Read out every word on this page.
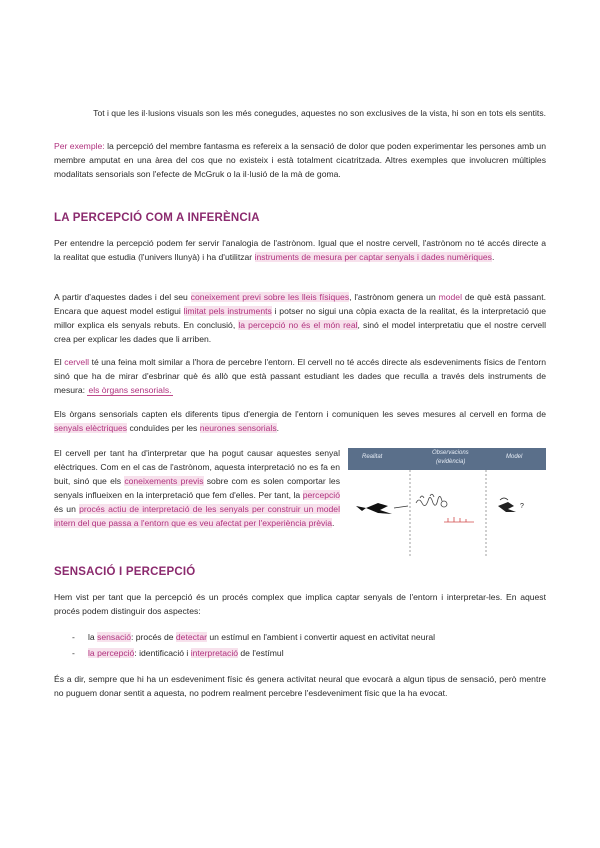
Tot i que les il·lusions visuals son les més conegudes, aquestes no son exclusives de la vista, hi son en tots els sentits.
Per exemple: la percepció del membre fantasma es refereix a la sensació de dolor que poden experimentar les persones amb un membre amputat en una àrea del cos que no existeix i està totalment cicatritzada. Altres exemples que involucren múltiples modalitats sensorials son l'efecte de McGruk o la il·lusió de la mà de goma.
LA PERCEPCIÓ COM A INFERÈNCIA
Per entendre la percepció podem fer servir l'analogia de l'astrònom. Igual que el nostre cervell, l'astrònom no té accés directe a la realitat que estudia (l'univers llunyà) i ha d'utilitzar instruments de mesura per captar senyals i dades numèriques.
A partir d'aquestes dades i del seu coneixement previ sobre les lleis físiques, l'astrònom genera un model de què està passant. Encara que aquest model estigui limitat pels instruments i potser no sigui una còpia exacta de la realitat, és la interpretació que millor explica els senyals rebuts. En conclusió, la percepció no és el món real, sinó el model interpretatiu que el nostre cervell crea per explicar les dades que li arriben.
El cervell té una feina molt similar a l'hora de percebre l'entorn. El cervell no té accés directe als esdeveniments físics de l'entorn sinó que ha de mirar d'esbrinar què és allò que està passant estudiant les dades que reculla a través dels instruments de mesura: els òrgans sensorials.
Els òrgans sensorials capten els diferents tipus d'energia de l'entorn i comuniquen les seves mesures al cervell en forma de senyals elèctriques conduïdes per les neurones sensorials.
El cervell per tant ha d'interpretar que ha pogut causar aquestes senyal elèctriques. Com en el cas de l'astrònom, aquesta interpretació no es fa en buit, sinó que els coneixements previs sobre com es solen comportar les senyals influeixen en la interpretació que fem d'elles. Per tant, la percepció és un procés actiu de interpretació de les senyals per construir un model intern del que passa a l'entorn que es veu afectat per l'experiència prèvia.
Realitat
Observacions
(evidència)
Model
?
SENSACIÓ I PERCEPCIÓ
Hem vist per tant que la percepció és un procés complex que implica captar senyals de l'entorn i interpretar-les. En aquest procés podem distinguir dos aspectes:
- la sensació: procés de detectar un estímul en l'ambient i convertir aquest en activitat neural
- la percepció: identificació i interpretació de l'estímul
És a dir, sempre que hi ha un esdeveniment físic és genera activitat neural que evocarà a algun tipus de sensació, però mentre no puguem donar sentit a aquesta, no podrem realment percebre l'esdeveniment físic que la ha evocat.
